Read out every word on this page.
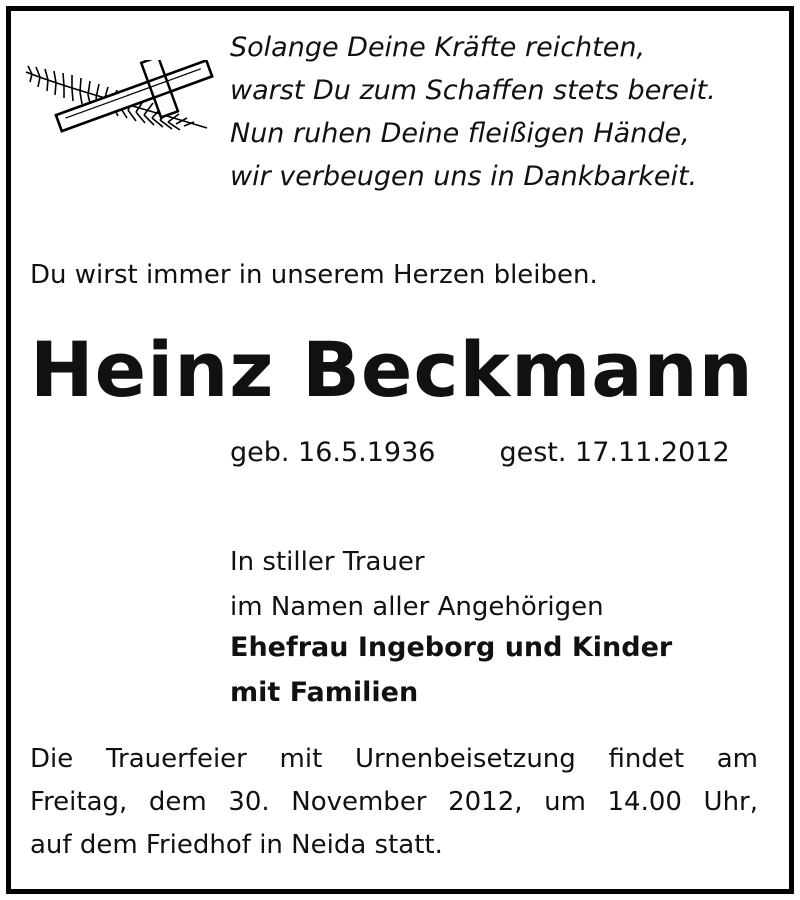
Solange Deine Kräfte reichten,
warst Du zum Schaffen stets bereit.
Nun ruhen Deine fleißigen Hände,
wir verbeugen uns in Dankbarkeit.

Du wirst immer in unserem Herzen bleiben.

Heinz Beckmann
geb. 16.5.1936 gest. 17.11.2012
In stiller Trauer
im Namen aller Angehörigen
Ehefrau Ingeborg und Kinder
mit Familien
Die Trauerfeier mit Urnenbeisetzung findet am
Freitag, dem 30. November 2012, um 14.00 Uhr,
auf dem Friedhof in Neida statt.
